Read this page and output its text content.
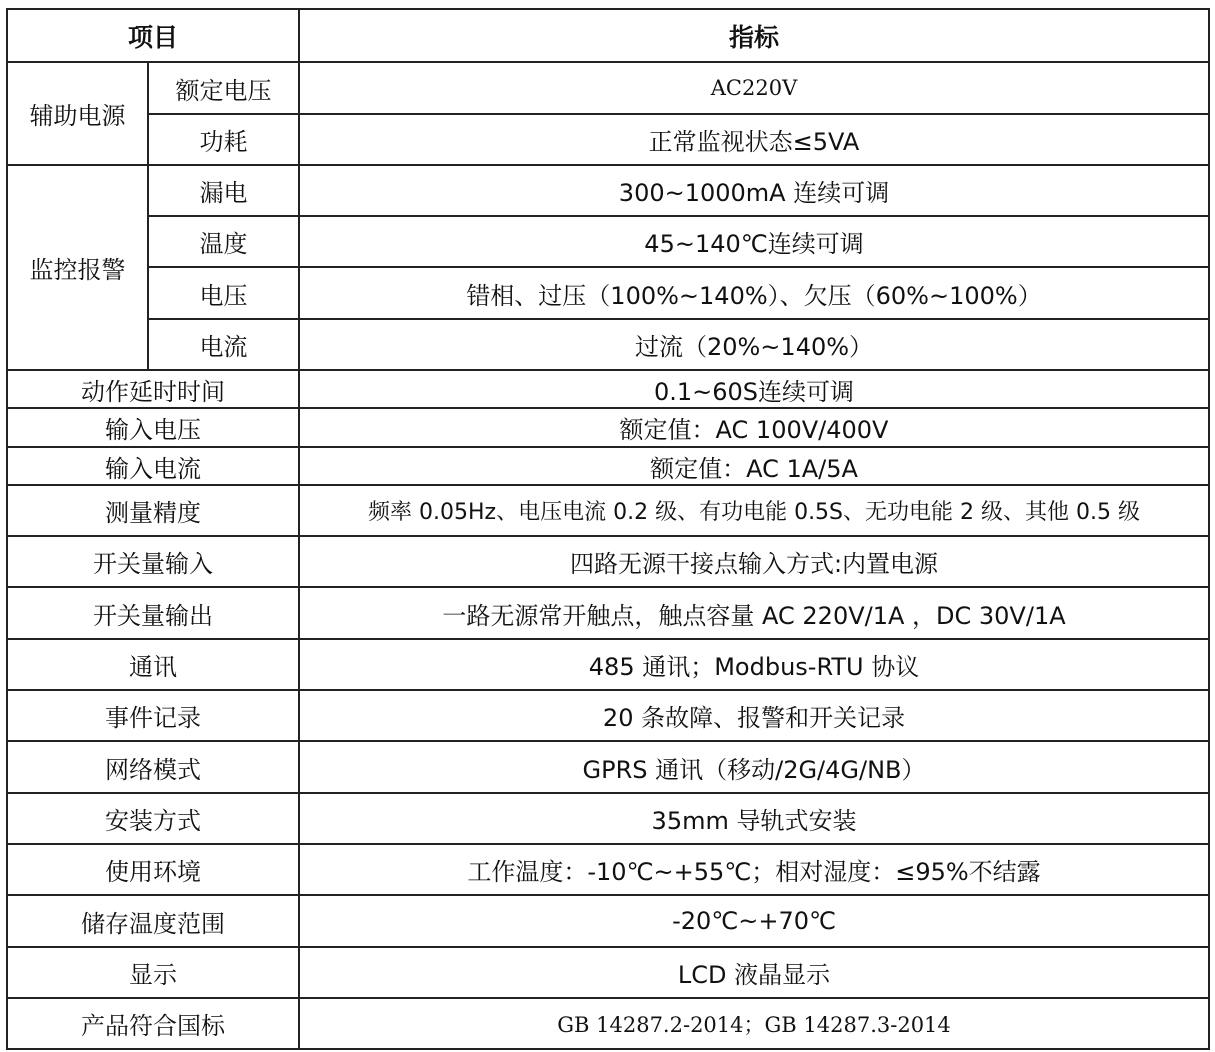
项目		指标
辅助电源	额定电压	AC220V
	功耗	正常监视状态≤5VA
监控报警	漏电	300~1000mA 连续可调
	温度	45~140℃连续可调
	电压	错相、过压（100%~140%）、欠压（60%~100%）
	电流	过流（20%~140%）
动作延时时间		0.1~60S连续可调
输入电压		额定值：AC 100V/400V
输入电流		额定值：AC 1A/5A
测量精度		频率 0.05Hz、电压电流 0.2 级、有功电能 0.5S、无功电能 2 级、其他 0.5 级
开关量输入		四路无源干接点输入方式:内置电源
开关量输出		一路无源常开触点，触点容量 AC 220V/1A ，DC 30V/1A
通讯		485 通讯；Modbus-RTU 协议
事件记录		20 条故障、报警和开关记录
网络模式		GPRS 通讯（移动/2G/4G/NB）
安装方式		35mm 导轨式安装
使用环境		工作温度：-10℃~+55℃；相对湿度：≤95%不结露
储存温度范围		-20℃~+70℃
显示		LCD 液晶显示
产品符合国标		GB 14287.2-2014；GB 14287.3-2014
